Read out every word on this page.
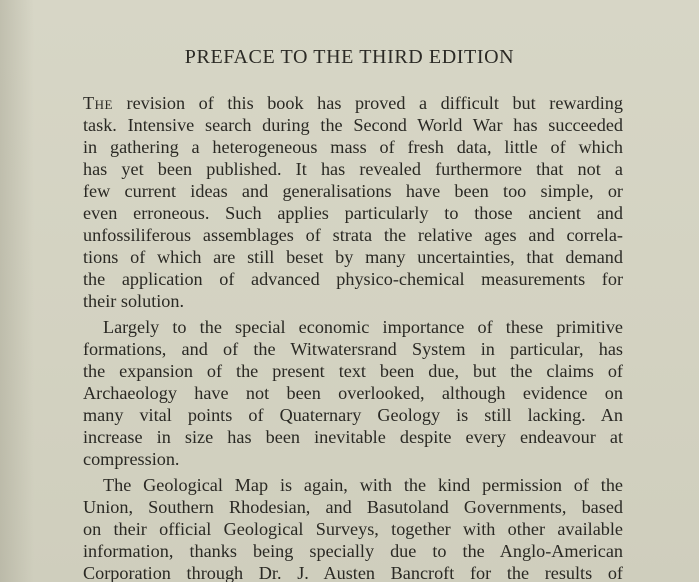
PREFACE TO THE THIRD EDITION
The revision of this book has proved a difficult but rewarding
task. Intensive search during the Second World War has succeeded
in gathering a heterogeneous mass of fresh data, little of which
has yet been published. It has revealed furthermore that not a
few current ideas and generalisations have been too simple, or
even erroneous. Such applies particularly to those ancient and
unfossiliferous assemblages of strata the relative ages and correla-
tions of which are still beset by many uncertainties, that demand
the application of advanced physico-chemical measurements for
their solution.
Largely to the special economic importance of these primitive
formations, and of the Witwatersrand System in particular, has
the expansion of the present text been due, but the claims of
Archaeology have not been overlooked, although evidence on
many vital points of Quaternary Geology is still lacking. An
increase in size has been inevitable despite every endeavour at
compression.
The Geological Map is again, with the kind permission of the
Union, Southern Rhodesian, and Basutoland Governments, based
on their official Geological Surveys, together with other available
information, thanks being specially due to the Anglo-American
Corporation through Dr. J. Austen Bancroft for the results of
